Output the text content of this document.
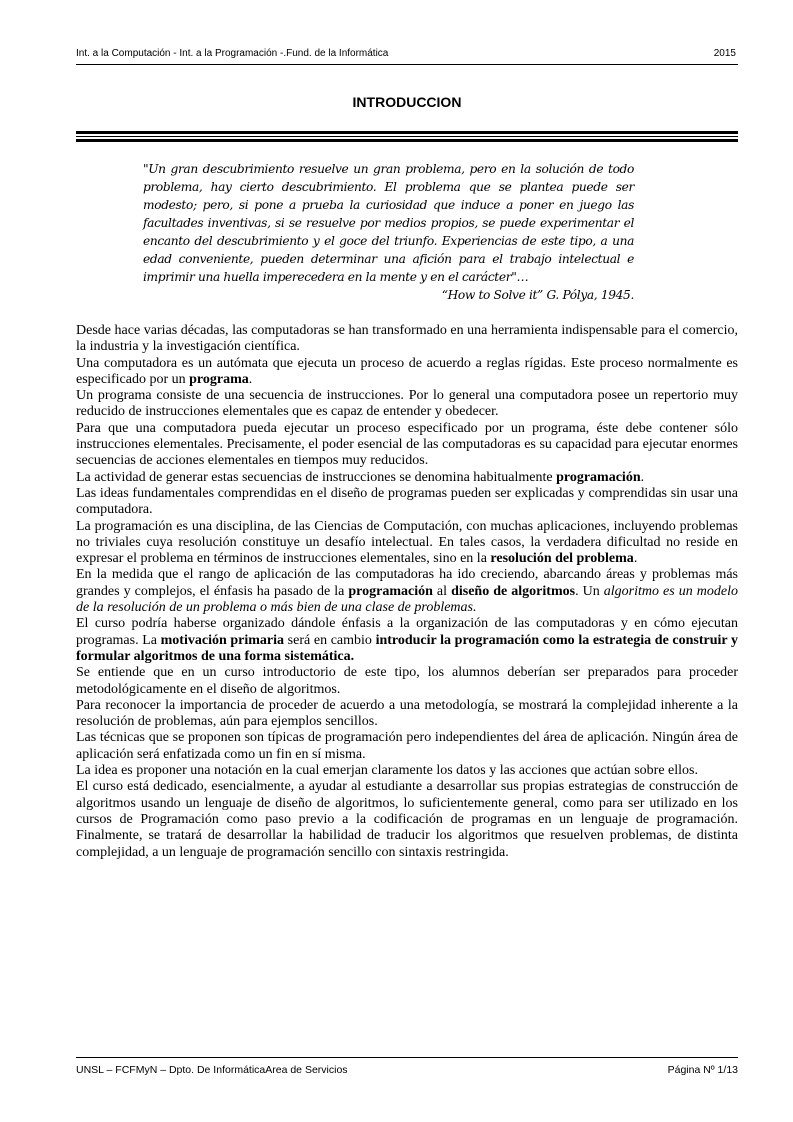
Int. a la Computación - Int. a la Programación -.Fund. de la Informática	2015
INTRODUCCION
"Un gran descubrimiento resuelve un gran problema, pero en la solución de todo problema, hay cierto descubrimiento. El problema que se plantea puede ser modesto; pero, si pone a prueba la curiosidad que induce a poner en juego las facultades inventivas, si se resuelve por medios propios, se puede experimentar el encanto del descubrimiento y el goce del triunfo. Experiencias de este tipo, a una edad conveniente, pueden determinar una afición para el trabajo intelectual e imprimir una huella imperecedera en la mente y en el carácter"…
“How to Solve it” G. Pólya, 1945.

Desde hace varias décadas, las computadoras se han transformado en una herramienta indispensable para el comercio, la industria y la investigación científica.

Una computadora es un autómata que ejecuta un proceso de acuerdo a reglas rígidas. Este proceso normalmente es especificado por un programa.

Un programa consiste de una secuencia de instrucciones. Por lo general una computadora posee un repertorio muy reducido de instrucciones elementales que es capaz de entender y obedecer.

Para que una computadora pueda ejecutar un proceso especificado por un programa, éste debe contener sólo instrucciones elementales. Precisamente, el poder esencial de las computadoras es su capacidad para ejecutar enormes secuencias de acciones elementales en tiempos muy reducidos.

La actividad de generar estas secuencias de instrucciones se denomina habitualmente programación.

Las ideas fundamentales comprendidas en el diseño de programas pueden ser explicadas y comprendidas sin usar una computadora.

La programación es una disciplina, de las Ciencias de Computación, con muchas aplicaciones, incluyendo problemas no triviales cuya resolución constituye un desafío intelectual. En tales casos, la verdadera dificultad no reside en expresar el problema en términos de instrucciones elementales, sino en la resolución del problema.

En la medida que el rango de aplicación de las computadoras ha ido creciendo, abarcando áreas y problemas más grandes y complejos, el énfasis ha pasado de la programación al diseño de algoritmos. Un algoritmo es un modelo de la resolución de un problema o más bien de una clase de problemas.

El curso podría haberse organizado dándole énfasis a la organización de las computadoras y en cómo ejecutan programas. La motivación primaria será en cambio introducir la programación como la estrategia de construir y formular algoritmos de una forma sistemática.

Se entiende que en un curso introductorio de este tipo, los alumnos deberían ser preparados para proceder metodológicamente en el diseño de algoritmos.

Para reconocer la importancia de proceder de acuerdo a una metodología, se mostrará la complejidad inherente a la resolución de problemas, aún para ejemplos sencillos.

Las técnicas que se proponen son típicas de programación pero independientes del área de aplicación. Ningún área de aplicación será enfatizada como un fin en sí misma.

La idea es proponer una notación en la cual emerjan claramente los datos y las acciones que actúan sobre ellos.

El curso está dedicado, esencialmente, a ayudar al estudiante a desarrollar sus propias estrategias de construcción de algoritmos usando un lenguaje de diseño de algoritmos, lo suficientemente general, como para ser utilizado en los cursos de Programación como paso previo a la codificación de programas en un lenguaje de programación. Finalmente, se tratará de desarrollar la habilidad de traducir los algoritmos que resuelven problemas, de distinta complejidad, a un lenguaje de programación sencillo con sintaxis restringida.

UNSL – FCFMyN – Dpto. De InformáticaArea de Servicios	Página Nº 1/13
